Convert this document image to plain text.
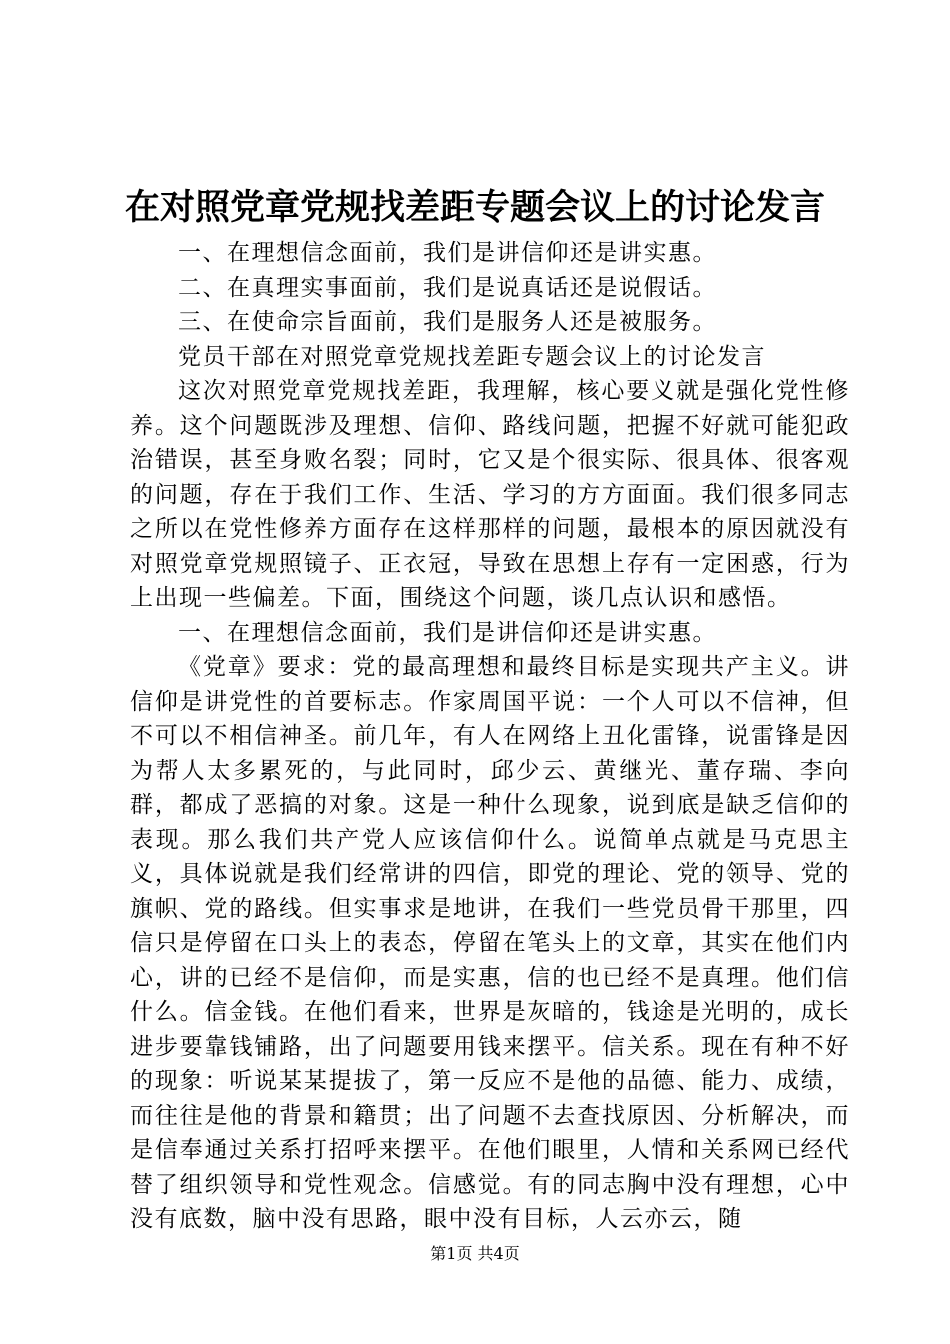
在对照党章党规找差距专题会议上的讨论发言

一、在理想信念面前，我们是讲信仰还是讲实惠。

二、在真理实事面前，我们是说真话还是说假话。

三、在使命宗旨面前，我们是服务人还是被服务。

党员干部在对照党章党规找差距专题会议上的讨论发言

这次对照党章党规找差距，我理解，核心要义就是强化党性修养。这个问题既涉及理想、信仰、路线问题，把握不好就可能犯政治错误，甚至身败名裂；同时，它又是个很实际、很具体、很客观的问题，存在于我们工作、生活、学习的方方面面。我们很多同志之所以在党性修养方面存在这样那样的问题，最根本的原因就没有对照党章党规照镜子、正衣冠，导致在思想上存有一定困惑，行为上出现一些偏差。下面，围绕这个问题，谈几点认识和感悟。

一、在理想信念面前，我们是讲信仰还是讲实惠。

《党章》要求：党的最高理想和最终目标是实现共产主义。讲信仰是讲党性的首要标志。作家周国平说：一个人可以不信神，但不可以不相信神圣。前几年，有人在网络上丑化雷锋，说雷锋是因为帮人太多累死的，与此同时，邱少云、黄继光、董存瑞、李向群，都成了恶搞的对象。这是一种什么现象，说到底是缺乏信仰的表现。那么我们共产党人应该信仰什么。说简单点就是马克思主义，具体说就是我们经常讲的四信，即党的理论、党的领导、党的旗帜、党的路线。但实事求是地讲，在我们一些党员骨干那里，四信只是停留在口头上的表态，停留在笔头上的文章，其实在他们内心，讲的已经不是信仰，而是实惠，信的也已经不是真理。他们信什么。信金钱。在他们看来，世界是灰暗的，钱途是光明的，成长进步要靠钱铺路，出了问题要用钱来摆平。信关系。现在有种不好的现象：听说某某提拔了，第一反应不是他的品德、能力、成绩，而往往是他的背景和籍贯；出了问题不去查找原因、分析解决，而是信奉通过关系打招呼来摆平。在他们眼里，人情和关系网已经代替了组织领导和党性观念。信感觉。有的同志胸中没有理想，心中没有底数，脑中没有思路，眼中没有目标，人云亦云，随

第1页 共4页
